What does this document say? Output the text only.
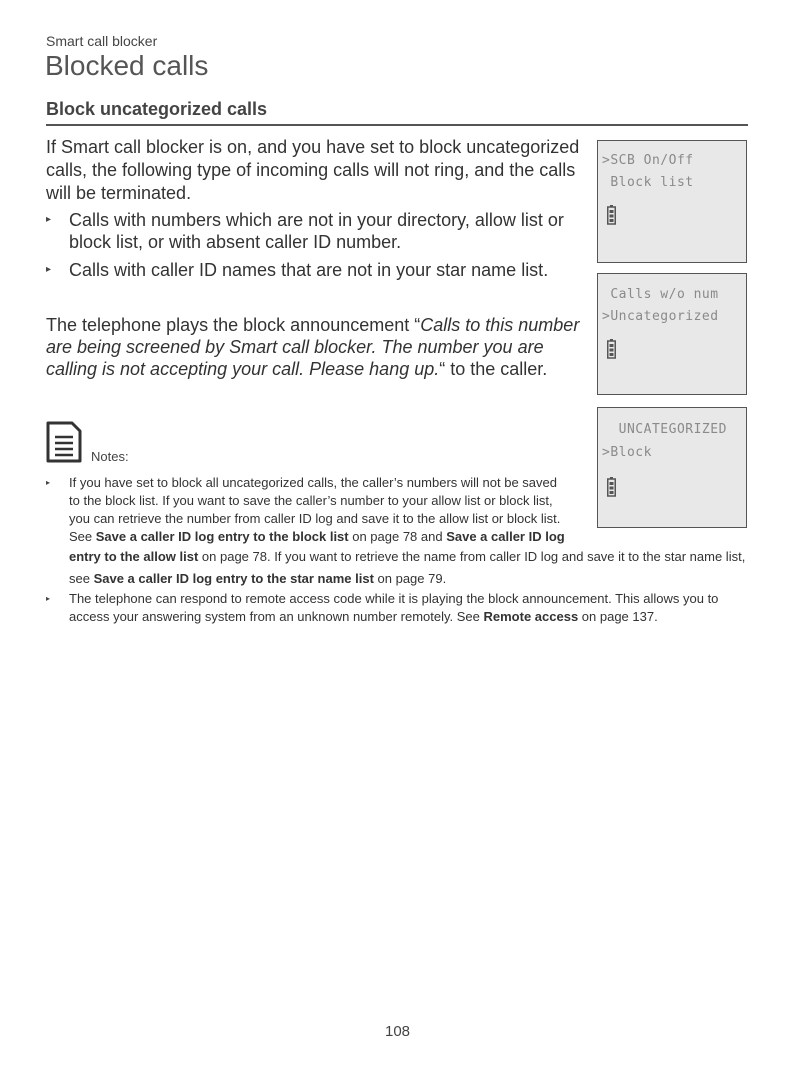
Smart call blocker
Blocked calls
Block uncategorized calls

If Smart call blocker is on, and you have set to block uncategorized calls, the following type of incoming calls will not ring, and the calls will be terminated.

▸ Calls with numbers which are not in your directory, allow list or block list, or with absent caller ID number.
▸ Calls with caller ID names that are not in your star name list.

The telephone plays the block announcement “Calls to this number are being screened by Smart call blocker. The number you are calling is not accepting your call. Please hang up.“ to the caller.

>SCB On/Off
Block list
Calls w/o num
>Uncategorized
UNCATEGORIZED
>Block
Notes:
▸ If you have set to block all uncategorized calls, the caller’s numbers will not be saved to the block list. If you want to save the caller’s number to your allow list or block list, you can retrieve the number from caller ID log and save it to the allow list or block list. See Save a caller ID log entry to the block list on page 78 and Save a caller ID log

entry to the allow list on page 78. If you want to retrieve the name from caller ID log and save it to the star name list, see Save a caller ID log entry to the star name list on page 79.

▸ The telephone can respond to remote access code while it is playing the block announcement. This allows you to access your answering system from an unknown number remotely. See Remote access on page 137.
108
